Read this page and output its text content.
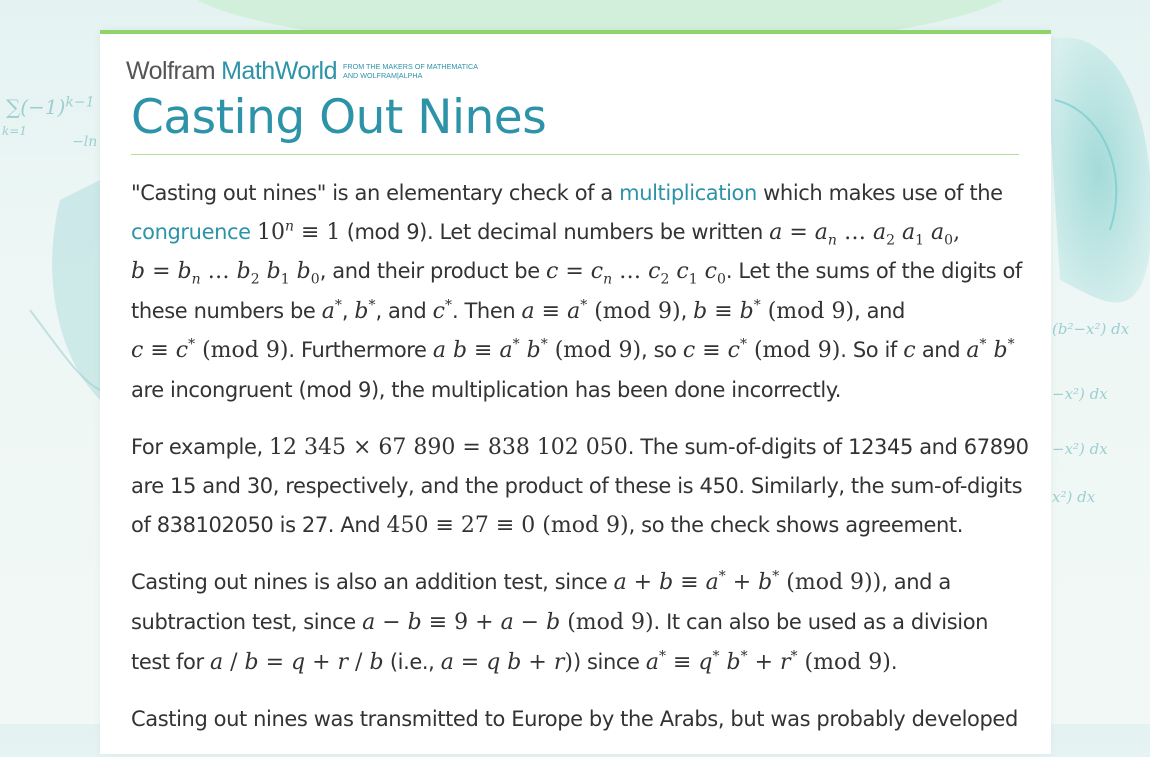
$\sum(-1)^{k-1}$
k=1
−ln
(b²−x²) dx
−x²) dx
−x²) dx
x²) dx
Wolfram MathWorld FROM THE MAKERS OF MATHEMATICA
AND WOLFRAM|ALPHA
Casting Out Nines

"Casting out nines" is an elementary check of a multiplication which makes use of the congruence $10^n \equiv 1$ (mod 9). Let decimal numbers be written $a = a_n$ … $a_2$ $a_1$ $a_0$,
$b = b_n$ … $b_2$ $b_1$ $b_0$, and their product be $c = c_n$ … $c_2$ $c_1$ $c_0$. Let the sums of the digits of these numbers be a*, b*, and c*. Then a ≡ a* (mod 9), b ≡ b* (mod 9), and
c ≡ c* (mod 9). Furthermore a b ≡ a* b* (mod 9), so c ≡ c* (mod 9). So if c and a* b* are incongruent (mod 9), the multiplication has been done incorrectly.

For example, 12 345 × 67 890 = 838 102 050. The sum-of-digits of 12345 and 67890 are 15 and 30, respectively, and the product of these is 450. Similarly, the sum-of-digits of 838102050 is 27. And 450 ≡ 27 ≡ 0 (mod 9), so the check shows agreement.

Casting out nines is also an addition test, since a + b ≡ a* + b* (mod 9)), and a subtraction test, since a − b ≡ 9 + a − b (mod 9). It can also be used as a division test for a / b = q + r / b (i.e., a = q b + r)) since a* ≡ q* b* + r* (mod 9).

Casting out nines was transmitted to Europe by the Arabs, but was probably developed
